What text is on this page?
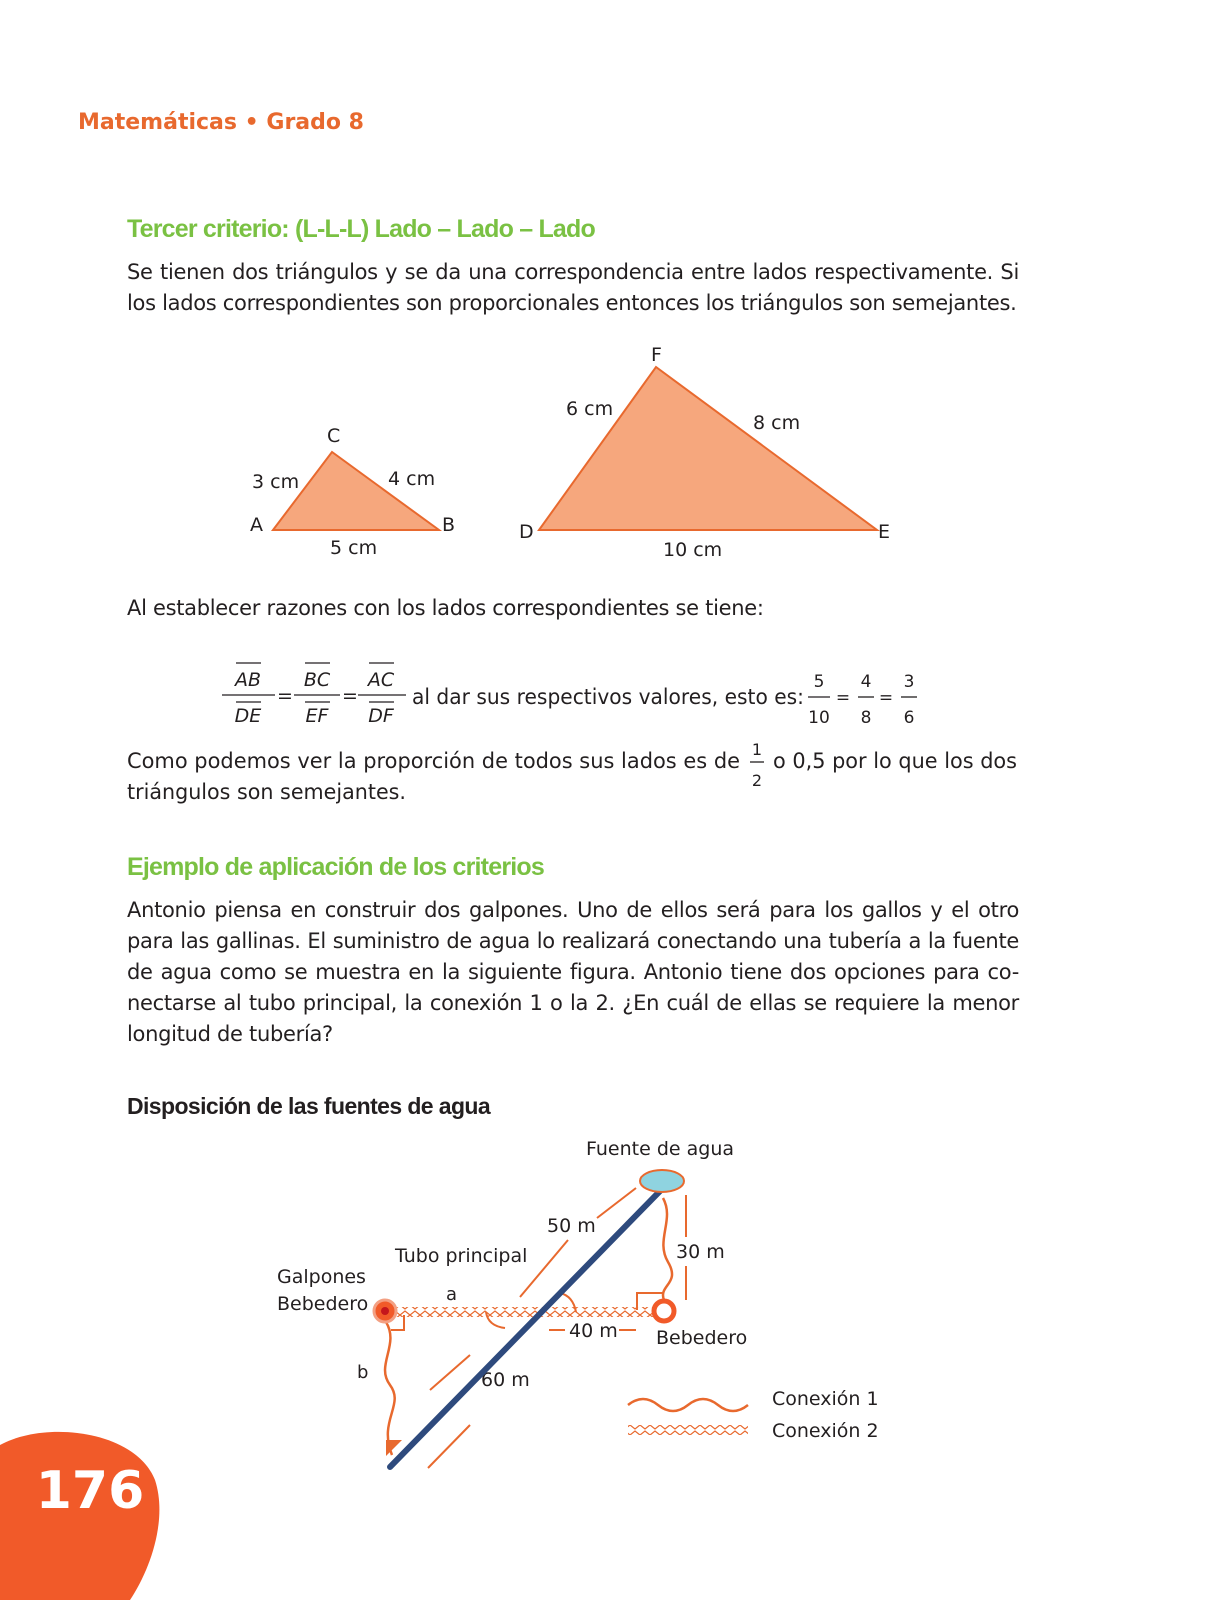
Matemáticas • Grado 8
Tercer criterio: (L-L-L) Lado – Lado – Lado
Se tienen dos triángulos y se da una correspondencia entre lados respectivamente. Si
los lados correspondientes son proporcionales entonces los triángulos son semejantes.
C
A	B
3 cm	4 cm
5 cm
F
D	E
6 cm
8 cm
10 cm
Al establecer razones con los lados correspondientes se tiene:
AB
DE
=
BC
EF
=
AC
DF
al dar sus respectivos valores, esto es:
5
10
=
4
8
=
3
6
Como podemos ver la proporción de todos sus lados es de 1
2
o 0,5 por lo que los dos
triángulos son semejantes.
Ejemplo de aplicación de los criterios
Antonio piensa en construir dos galpones. Uno de ellos será para los gallos y el otro
para las gallinas. El suministro de agua lo realizará conectando una tubería a la fuente
de agua como se muestra en la siguiente figura. Antonio tiene dos opciones para co-
nectarse al tubo principal, la conexión 1 o la 2. ¿En cuál de ellas se requiere la menor
longitud de tubería?
Disposición de las fuentes de agua
Fuente de agua
Galpones
Bebedero
Tubo principal
a
b
50 m
30 m
40 m
60 m
Bebedero
Conexión 1
Conexión 2
176
